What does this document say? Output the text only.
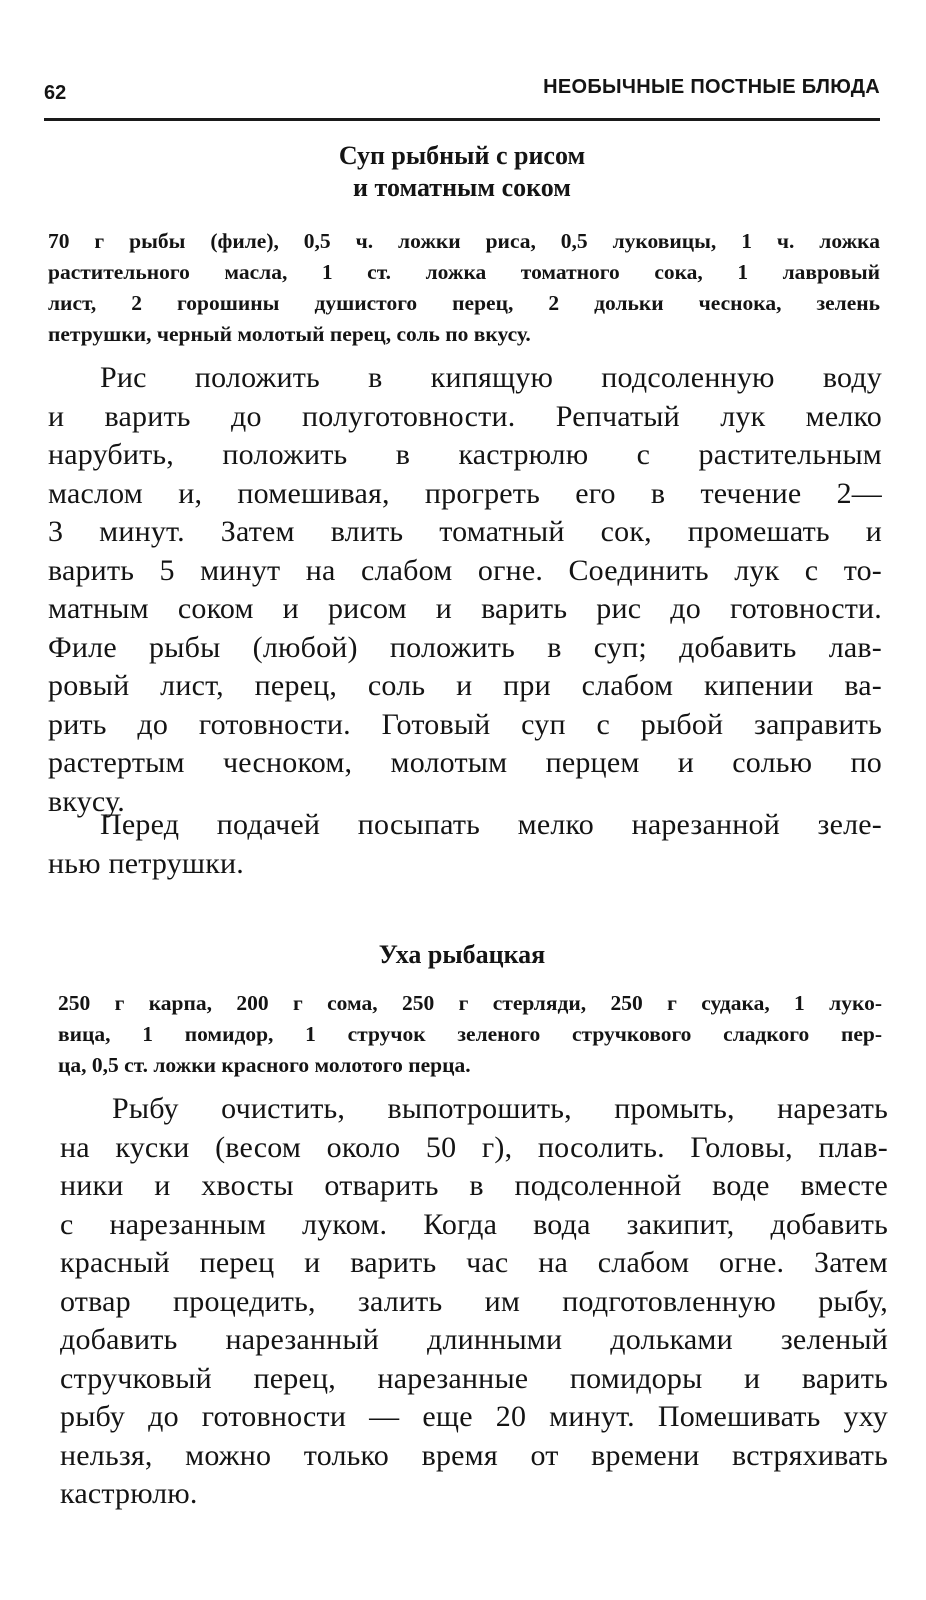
62	НЕОБЫЧНЫЕ ПОСТНЫЕ БЛЮДА
Суп рыбный с рисом
и томатным соком
70 г рыбы (филе), 0,5 ч. ложки риса, 0,5 луковицы, 1 ч. ложка
растительного масла, 1 ст. ложка томатного сока, 1 лавровый
лист, 2 горошины душистого перец, 2 дольки чеснока, зелень
петрушки, черный молотый перец, соль по вкусу.
Рис положить в кипящую подсоленную воду
и варить до полуготовности. Репчатый лук мелко
нарубить, положить в кастрюлю с растительным
маслом и, помешивая, прогреть его в течение 2—
3 минут. Затем влить томатный сок, промешать и
варить 5 минут на слабом огне. Соединить лук с то-
матным соком и рисом и варить рис до готовности.
Филе рыбы (любой) положить в суп; добавить лав-
ровый лист, перец, соль и при слабом кипении ва-
рить до готовности. Готовый суп с рыбой заправить
растертым чесноком, молотым перцем и солью по
вкусу.
Перед подачей посыпать мелко нарезанной зеле-
нью петрушки.
Уха рыбацкая
250 г карпа, 200 г сома, 250 г стерляди, 250 г судака, 1 луко-
вица, 1 помидор, 1 стручок зеленого стручкового сладкого пер-
ца, 0,5 ст. ложки красного молотого перца.
Рыбу очистить, выпотрошить, промыть, нарезать
на куски (весом около 50 г), посолить. Головы, плав-
ники и хвосты отварить в подсоленной воде вместе
с нарезанным луком. Когда вода закипит, добавить
красный перец и варить час на слабом огне. Затем
отвар процедить, залить им подготовленную рыбу,
добавить нарезанный длинными дольками зеленый
стручковый перец, нарезанные помидоры и варить
рыбу до готовности — еще 20 минут. Помешивать уху
нельзя, можно только время от времени встряхивать
кастрюлю.
